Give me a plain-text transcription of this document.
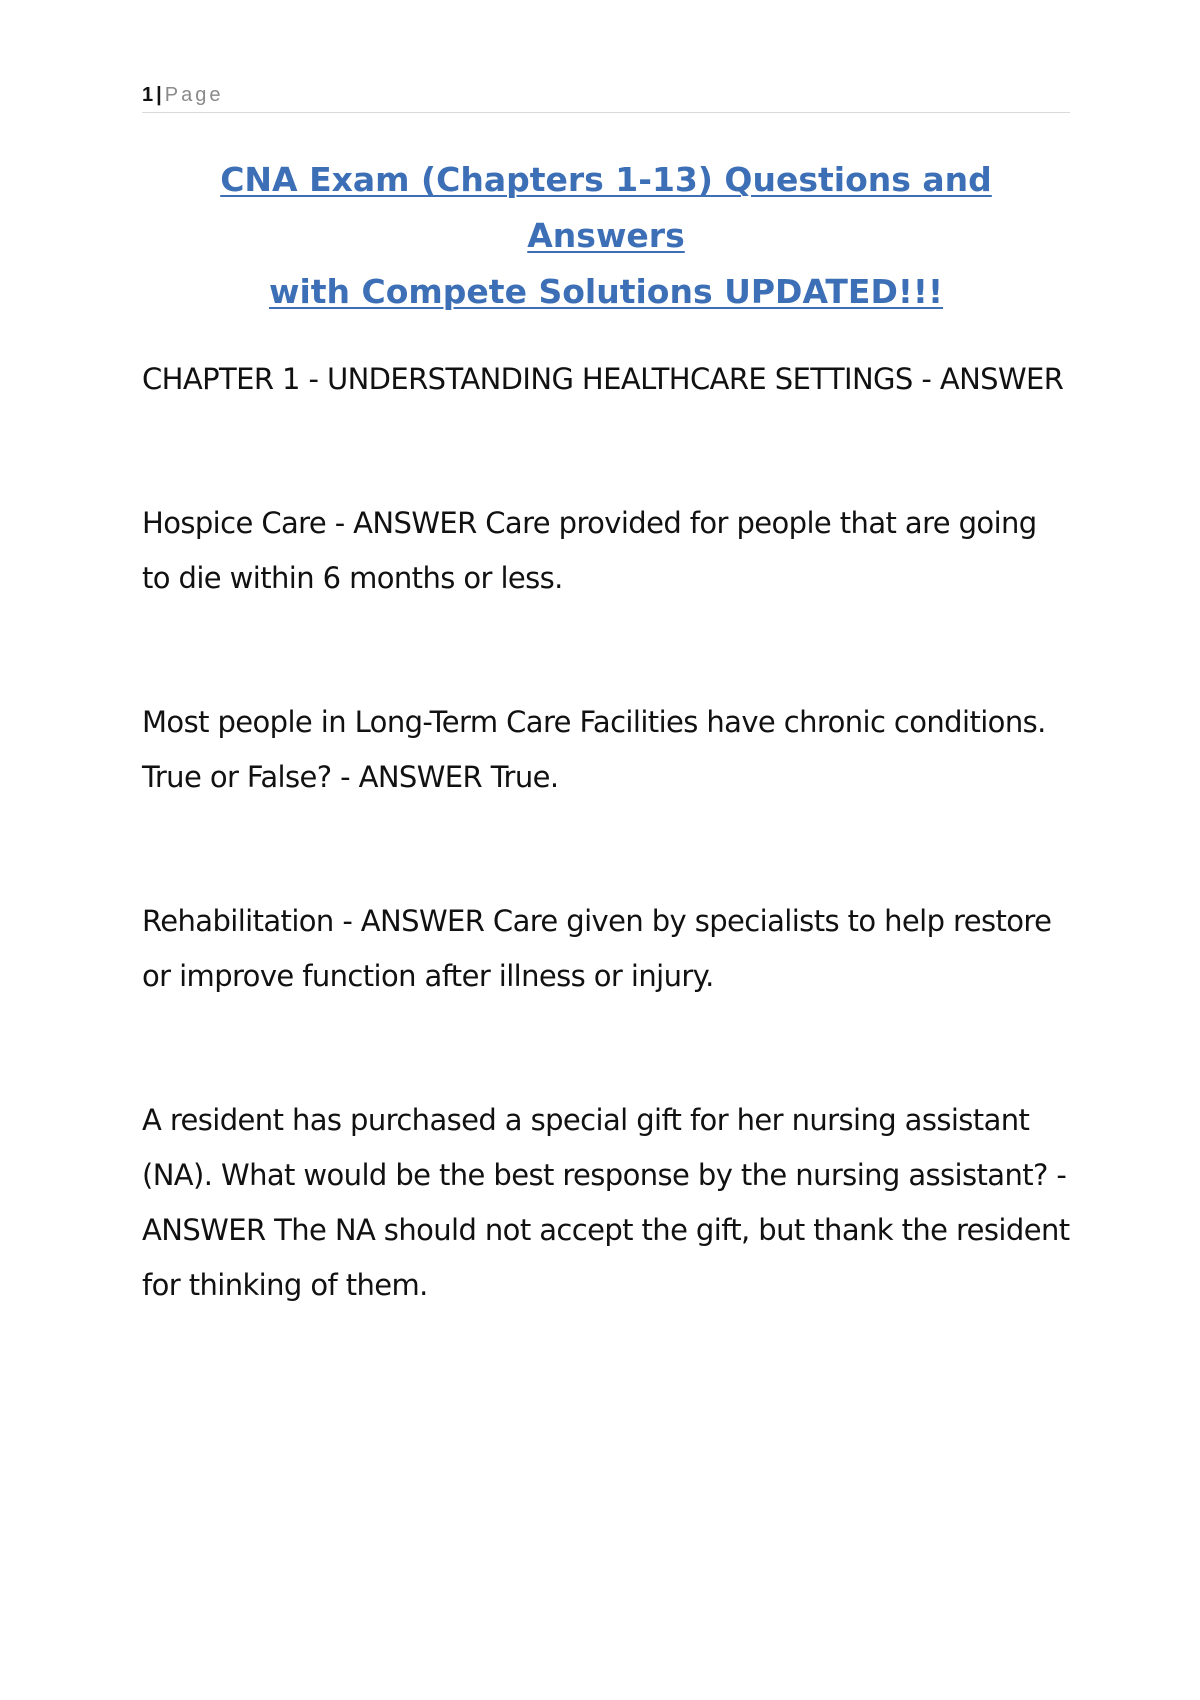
1 | Page
CNA Exam (Chapters 1-13) Questions and Answers
with Compete Solutions UPDATED!!!

CHAPTER 1 - UNDERSTANDING HEALTHCARE SETTINGS - ANSWER

Hospice Care - ANSWER Care provided for people that are going to die within 6 months or less.

Most people in Long-Term Care Facilities have chronic conditions. True or False? - ANSWER True.

Rehabilitation - ANSWER Care given by specialists to help restore or improve function after illness or injury.

A resident has purchased a special gift for her nursing assistant (NA). What would be the best response by the nursing assistant? - ANSWER The NA should not accept the gift, but thank the resident for thinking of them.
